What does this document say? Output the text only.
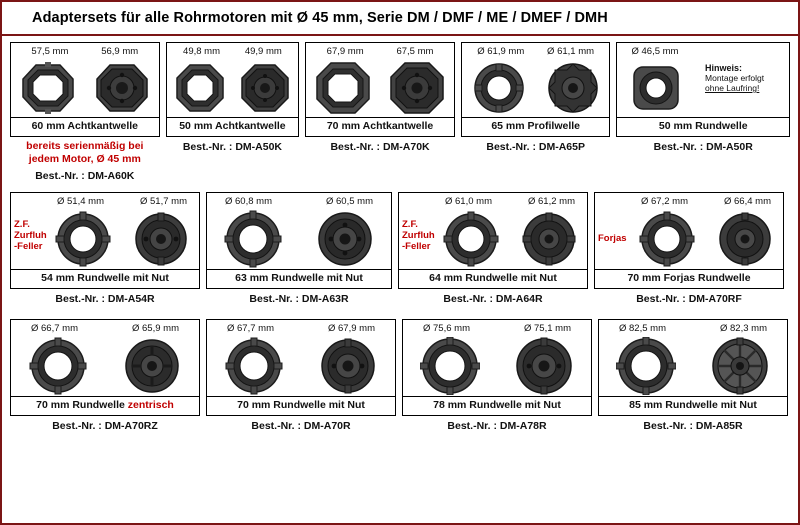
Adaptersets für alle Rohrmotoren mit Ø 45 mm, Serie DM / DMF / ME / DMEF / DMH
57,5 mm	56,9 mm
60 mm Achtkantwelle
bereits serienmäßig bei jedem Motor, Ø 45 mm
Best.-Nr. : DM-A60K
49,8 mm	49,9 mm
50 mm Achtkantwelle
Best.-Nr. : DM-A50K
67,9 mm	67,5 mm
70 mm Achtkantwelle
Best.-Nr. : DM-A70K
Ø 61,9 mm Ø 61,1 mm
65 mm Profilwelle
Best.-Nr. : DM-A65P
Ø 46,5 mm
Hinweis:
Montage erfolgt
ohne Laufring!
50 mm Rundwelle
Best.-Nr. : DM-A50R
Ø 51,4 mm	Ø 51,7 mm
Z.F.
Zurfluh
-Feller
54 mm Rundwelle mit Nut
Best.-Nr. : DM-A54R
Ø 60,8 mm	Ø 60,5 mm
63 mm Rundwelle mit Nut
Best.-Nr. : DM-A63R
Ø 61,0 mm	Ø 61,2 mm
Z.F.
Zurfluh
-Feller
64 mm Rundwelle mit Nut
Best.-Nr. : DM-A64R
Ø 67,2 mm	Ø 66,4 mm
Forjas
70 mm Forjas Rundwelle
Best.-Nr. : DM-A70RF
Ø 66,7 mm	Ø 65,9 mm
70 mm Rundwelle zentrisch
Best.-Nr. : DM-A70RZ
Ø 67,7 mm	Ø 67,9 mm
70 mm Rundwelle mit Nut
Best.-Nr. : DM-A70R
Ø 75,6 mm	Ø 75,1 mm
78 mm Rundwelle mit Nut
Best.-Nr. : DM-A78R
Ø 82,5 mm	Ø 82,3 mm
85 mm Rundwelle mit Nut
Best.-Nr. : DM-A85R
